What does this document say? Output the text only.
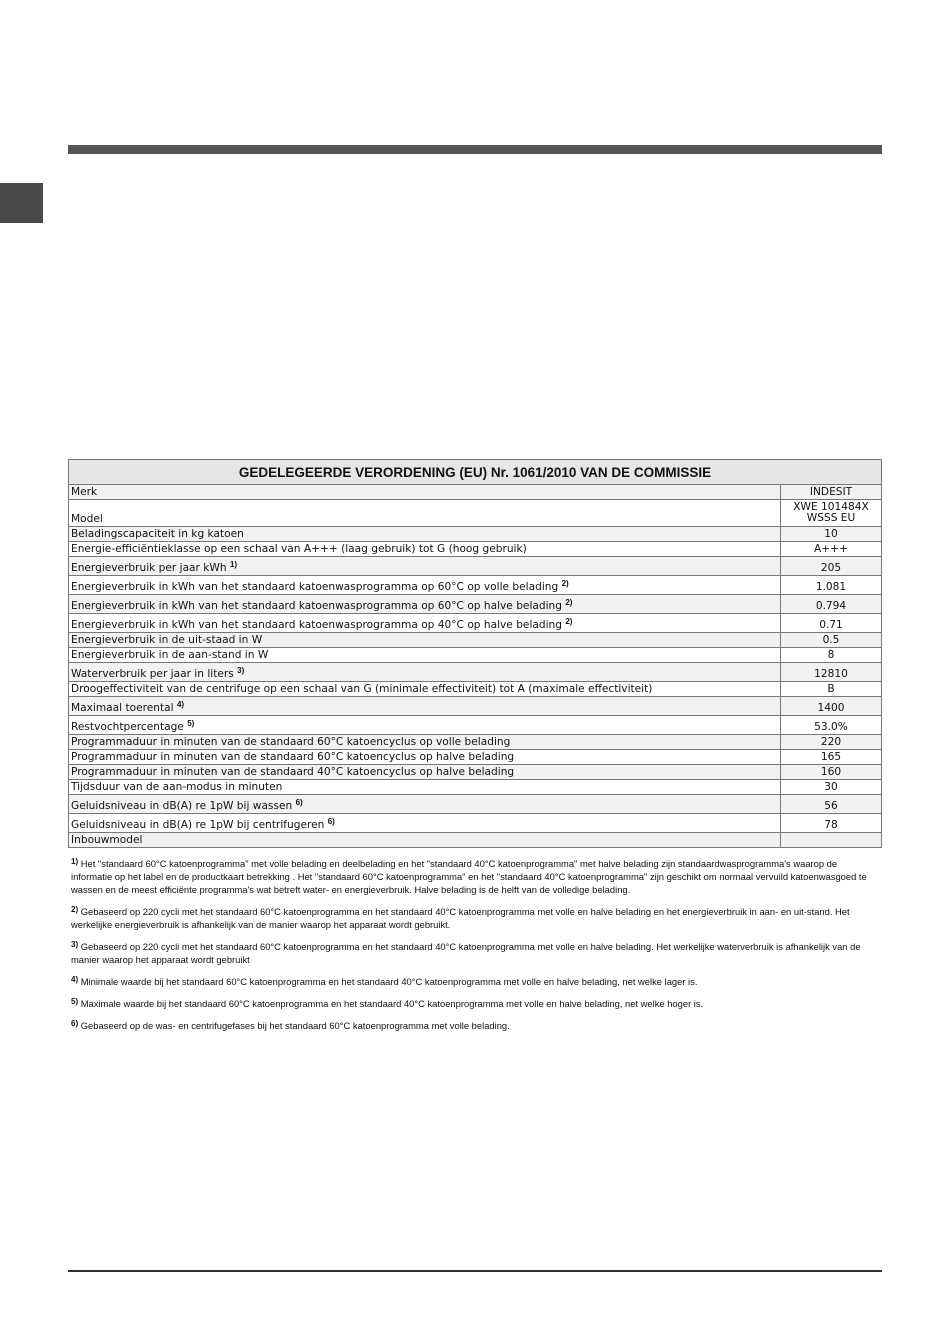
GEDELEGEERDE VERORDENING (EU) Nr. 1061/2010 VAN DE COMMISSIE	
Merk	INDESIT
Model	XWE 101484X WSSS EU
Beladingscapaciteit in kg katoen	10
Energie-efficiëntieklasse op een schaal van A+++ (laag gebruik) tot G (hoog gebruik)	A+++
Energieverbruik per jaar kWh $^{1)}$	205
Energieverbruik in kWh van het standaard katoenwasprogramma op 60°C op volle belading $^{2)}$	1.081
Energieverbruik in kWh van het standaard katoenwasprogramma op 60°C op halve belading $^{2)}$	0.794
Energieverbruik in kWh van het standaard katoenwasprogramma op 40°C op halve belading $^{2)}$	0.71
Energieverbruik in de uit-staad in W	0.5
Energieverbruik in de aan-stand in W	8
Waterverbruik per jaar in liters $^{3)}$	12810
Droogeffectiviteit van de centrifuge op een schaal van G (minimale effectiviteit) tot A (maximale effectiviteit)	B
Maximaal toerental $^{4)}$	1400
Restvochtpercentage $^{5)}$	53.0%
Programmaduur in minuten van de standaard 60°C katoencyclus op volle belading	220
Programmaduur in minuten van de standaard 60°C katoencyclus op halve belading	165
Programmaduur in minuten van de standaard 40°C katoencyclus op halve belading	160
Tijdsduur van de aan-modus in minuten	30
Geluidsniveau in dB(A) re 1pW bij wassen $^{6)}$	56
Geluidsniveau in dB(A) re 1pW bij centrifugeren $^{6)}$	78
Inbouwmodel	

1) Het "standaard 60°C katoenprogramma" met volle belading en deelbelading en het "standaard 40°C katoenprogramma" met halve belading zijn standaardwasprogramma's waarop de informatie op het label en de productkaart betrekking . Het "standaard 60°C katoenprogramma" en het "standaard 40°C katoenprogramma" zijn geschikt om normaal vervuild katoenwasgoed te wassen en de meest efficiënte programma's wat betreft water- en energieverbruik. Halve belading is de helft van de volledige belading.

2) Gebaseerd op 220 cycli met het standaard 60°C katoenprogramma en het standaard 40°C katoenprogramma met volle en halve belading en het energieverbruik in aan- en uit-stand. Het werkelijke energieverbruik is afhankelijk van de manier waarop het apparaat wordt gebruikt.

3) Gebaseerd op 220 cycli met het standaard 60°C katoenprogramma en het standaard 40°C katoenprogramma met volle en halve belading. Het werkelijke waterverbruik is afhankelijk van de manier waarop het apparaat wordt gebruikt

4) Minimale waarde bij het standaard 60°C katoenprogramma en het standaard 40°C katoenprogramma met volle en halve belading, net welke lager is.

5) Maximale waarde bij het standaard 60°C katoenprogramma en het standaard 40°C katoenprogramma met volle en halve belading, net welke hoger is.

6) Gebaseerd op de was- en centrifugefases bij het standaard 60°C katoenprogramma met volle belading.
